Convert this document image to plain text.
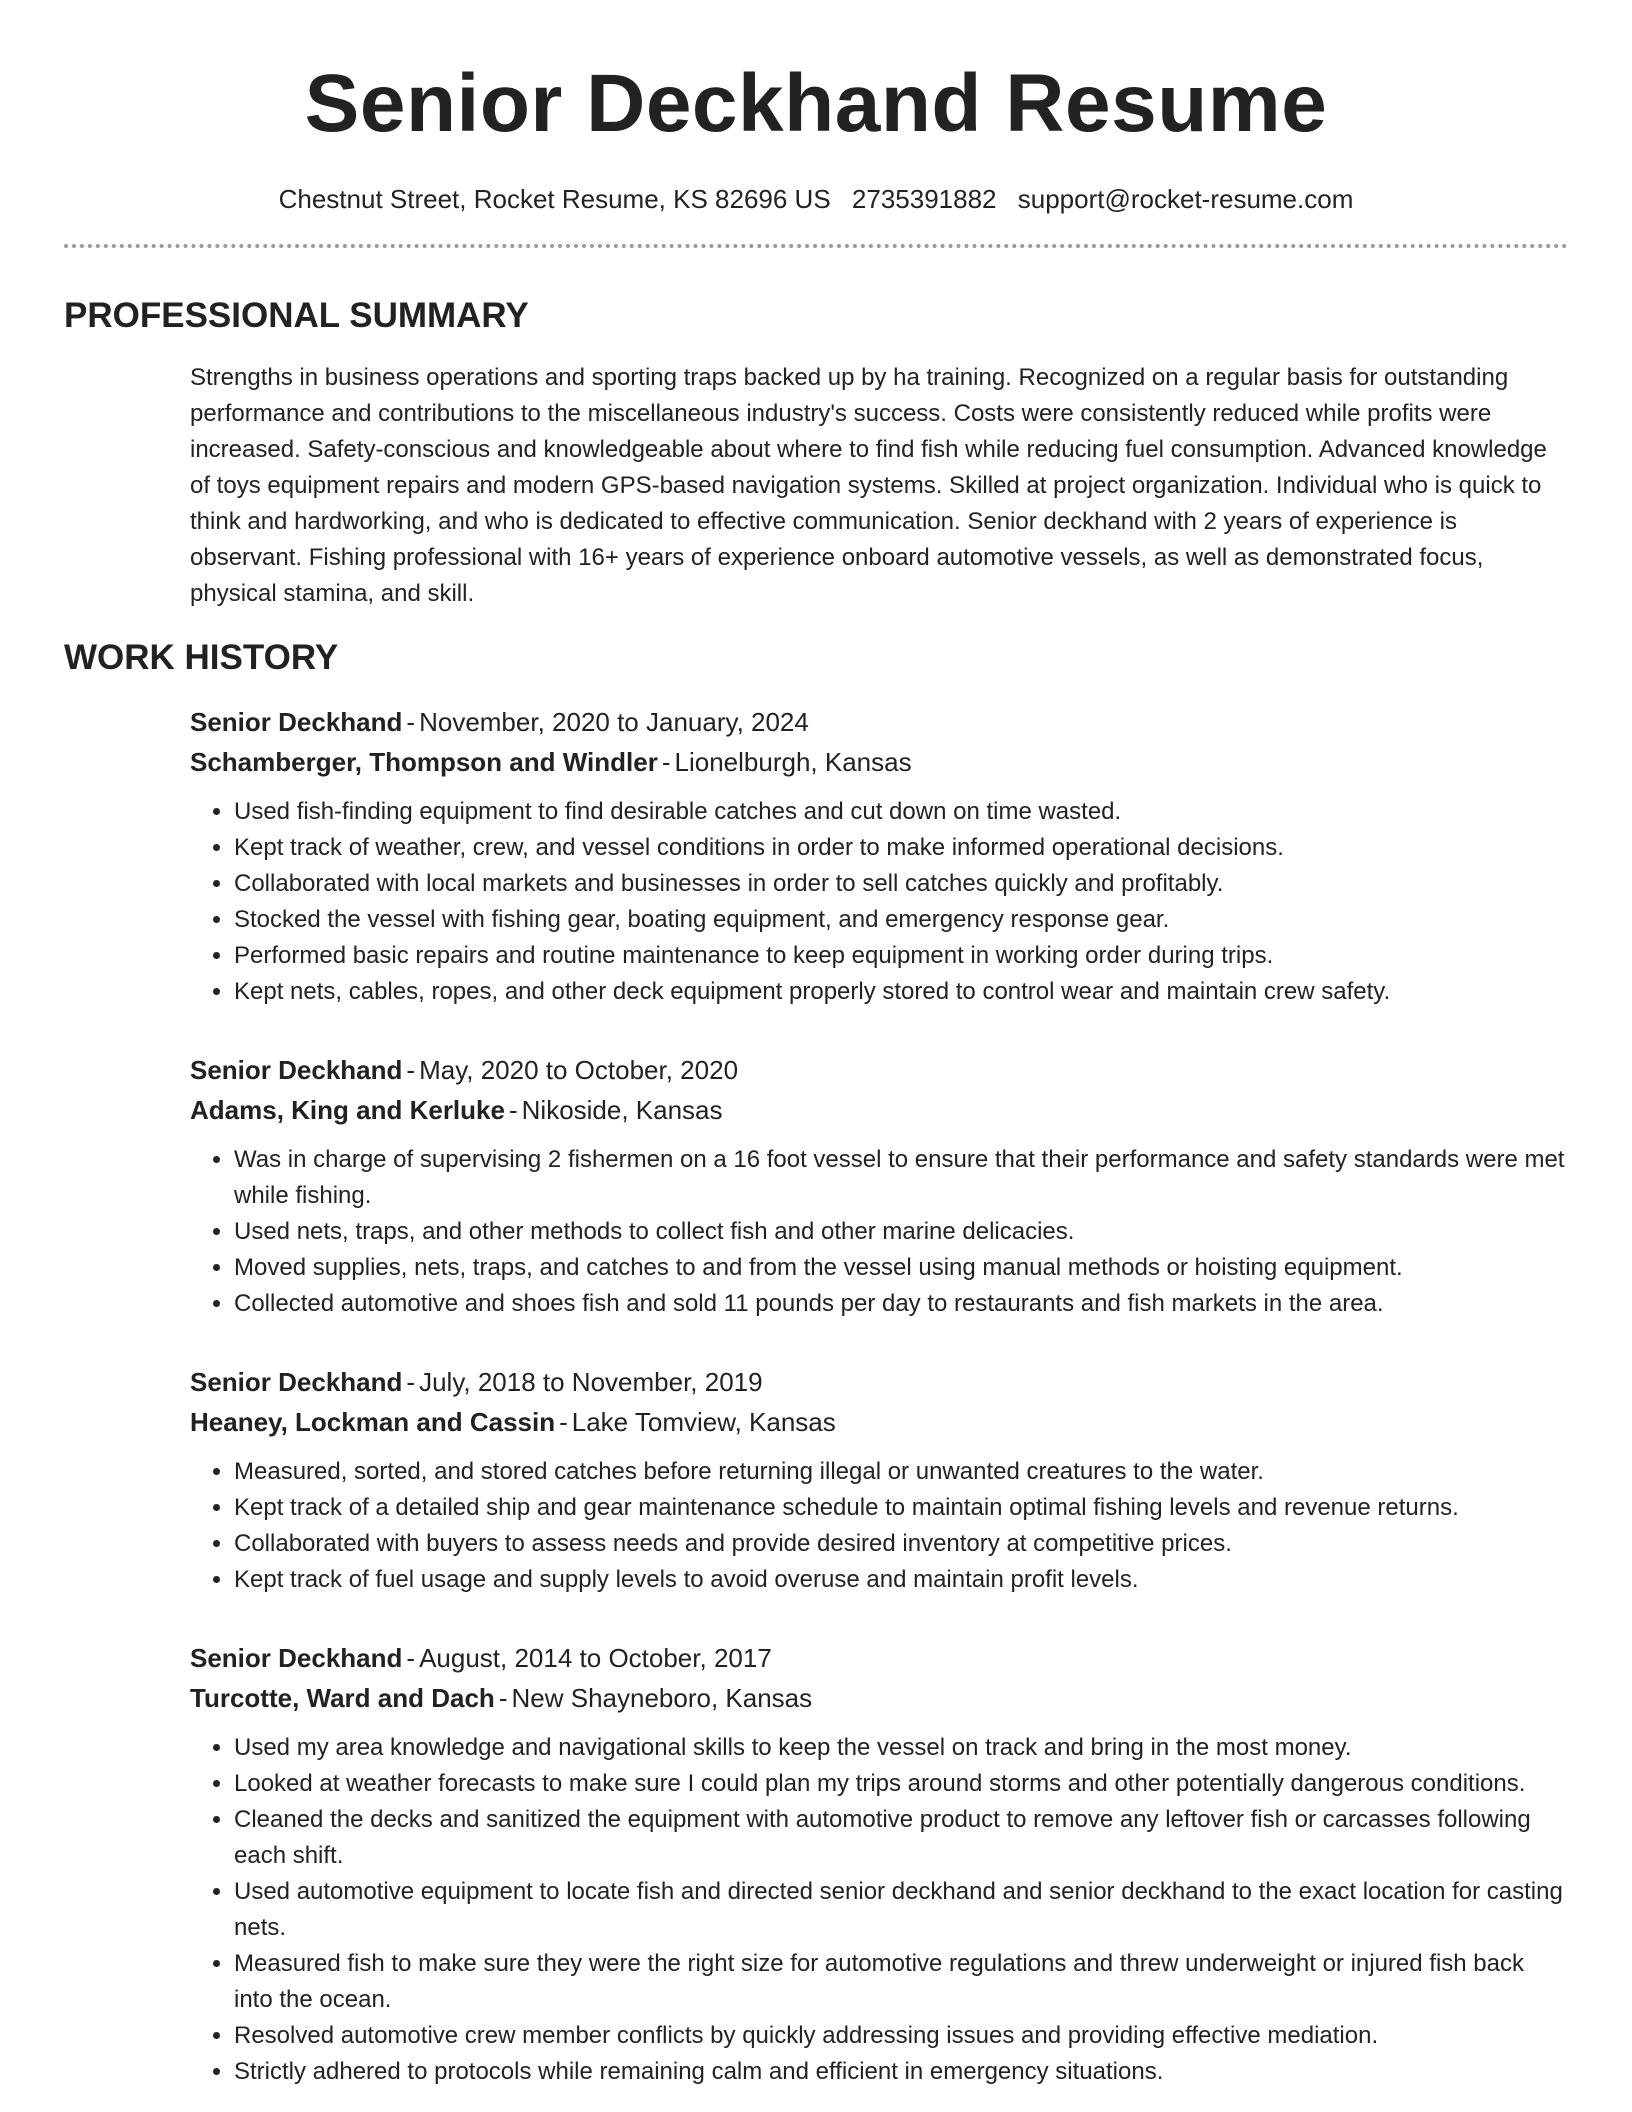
Senior Deckhand Resume
Chestnut Street, Rocket Resume, KS 82696 US 2735391882 support@rocket-resume.com
PROFESSIONAL SUMMARY

Strengths in business operations and sporting traps backed up by ha training. Recognized on a regular basis for outstanding performance and contributions to the miscellaneous industry's success. Costs were consistently reduced while profits were increased. Safety-conscious and knowledgeable about where to find fish while reducing fuel consumption. Advanced knowledge of toys equipment repairs and modern GPS-based navigation systems. Skilled at project organization. Individual who is quick to think and hardworking, and who is dedicated to effective communication. Senior deckhand with 2 years of experience is observant. Fishing professional with 16+ years of experience onboard automotive vessels, as well as demonstrated focus, physical stamina, and skill.

WORK HISTORY
Senior Deckhand - November, 2020 to January, 2024
Schamberger, Thompson and Windler - Lionelburgh, Kansas
• Used fish-finding equipment to find desirable catches and cut down on time wasted.
• Kept track of weather, crew, and vessel conditions in order to make informed operational decisions.
• Collaborated with local markets and businesses in order to sell catches quickly and profitably.
• Stocked the vessel with fishing gear, boating equipment, and emergency response gear.
• Performed basic repairs and routine maintenance to keep equipment in working order during trips.
• Kept nets, cables, ropes, and other deck equipment properly stored to control wear and maintain crew safety.
Senior Deckhand - May, 2020 to October, 2020
Adams, King and Kerluke - Nikoside, Kansas
• Was in charge of supervising 2 fishermen on a 16 foot vessel to ensure that their performance and safety standards were met while fishing.
• Used nets, traps, and other methods to collect fish and other marine delicacies.
• Moved supplies, nets, traps, and catches to and from the vessel using manual methods or hoisting equipment.
• Collected automotive and shoes fish and sold 11 pounds per day to restaurants and fish markets in the area.
Senior Deckhand - July, 2018 to November, 2019
Heaney, Lockman and Cassin - Lake Tomview, Kansas
• Measured, sorted, and stored catches before returning illegal or unwanted creatures to the water.
• Kept track of a detailed ship and gear maintenance schedule to maintain optimal fishing levels and revenue returns.
• Collaborated with buyers to assess needs and provide desired inventory at competitive prices.
• Kept track of fuel usage and supply levels to avoid overuse and maintain profit levels.
Senior Deckhand - August, 2014 to October, 2017
Turcotte, Ward and Dach - New Shayneboro, Kansas
• Used my area knowledge and navigational skills to keep the vessel on track and bring in the most money.
• Looked at weather forecasts to make sure I could plan my trips around storms and other potentially dangerous conditions.
• Cleaned the decks and sanitized the equipment with automotive product to remove any leftover fish or carcasses following each shift.
• Used automotive equipment to locate fish and directed senior deckhand and senior deckhand to the exact location for casting nets.
• Measured fish to make sure they were the right size for automotive regulations and threw underweight or injured fish back into the ocean.
• Resolved automotive crew member conflicts by quickly addressing issues and providing effective mediation.
• Strictly adhered to protocols while remaining calm and efficient in emergency situations.
